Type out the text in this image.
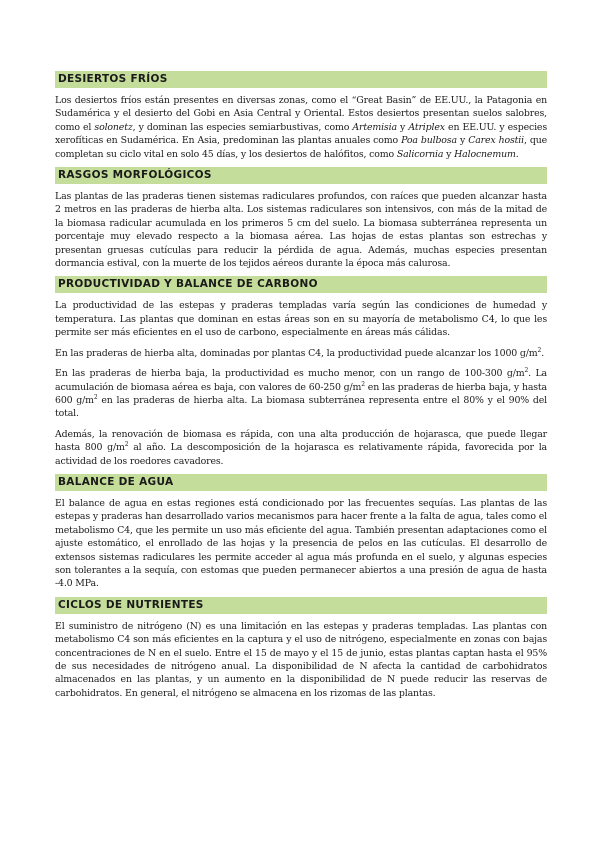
DESIERTOS FRÍOS

Los desiertos fríos están presentes en diversas zonas, como el “Great Basin” de EE.UU., la Patagonia en Sudamérica y el desierto del Gobi en Asia Central y Oriental. Estos desiertos presentan suelos salobres, como el solonetz, y dominan las especies semiarbustivas, como Artemisia y Atriplex en EE.UU. y especies xerofíticas en Sudamérica. En Asia, predominan las plantas anuales como Poa bulbosa y Carex hostii, que completan su ciclo vital en solo 45 días, y los desiertos de halófitos, como Salicornia y Halocnemum.

RASGOS MORFOLÓGICOS

Las plantas de las praderas tienen sistemas radiculares profundos, con raíces que pueden alcanzar hasta 2 metros en las praderas de hierba alta. Los sistemas radiculares son intensivos, con más de la mitad de la biomasa radicular acumulada en los primeros 5 cm del suelo. La biomasa subterránea representa un porcentaje muy elevado respecto a la biomasa aérea. Las hojas de estas plantas son estrechas y presentan gruesas cutículas para reducir la pérdida de agua. Además, muchas especies presentan dormancia estival, con la muerte de los tejidos aéreos durante la época más calurosa.

PRODUCTIVIDAD Y BALANCE DE CARBONO

La productividad de las estepas y praderas templadas varía según las condiciones de humedad y temperatura. Las plantas que dominan en estas áreas son en su mayoría de metabolismo C4, lo que les permite ser más eficientes en el uso de carbono, especialmente en áreas más cálidas.

En las praderas de hierba alta, dominadas por plantas C4, la productividad puede alcanzar los 1000 $g/m^2$.

En las praderas de hierba baja, la productividad es mucho menor, con un rango de 100-300 $g/m^2$. La acumulación de biomasa aérea es baja, con valores de 60-250 $g/m^2$ en las praderas de hierba baja, y hasta 600 $g/m^2$ en las praderas de hierba alta. La biomasa subterránea representa entre el 80% y el 90% del total.

Además, la renovación de biomasa es rápida, con una alta producción de hojarasca, que puede llegar hasta 800 $g/m^2$ al año. La descomposición de la hojarasca es relativamente rápida, favorecida por la actividad de los roedores cavadores.

BALANCE DE AGUA

El balance de agua en estas regiones está condicionado por las frecuentes sequías. Las plantas de las estepas y praderas han desarrollado varios mecanismos para hacer frente a la falta de agua, tales como el metabolismo C4, que les permite un uso más eficiente del agua. También presentan adaptaciones como el ajuste estomático, el enrollado de las hojas y la presencia de pelos en las cutículas. El desarrollo de extensos sistemas radiculares les permite acceder al agua más profunda en el suelo, y algunas especies son tolerantes a la sequía, con estomas que pueden permanecer abiertos a una presión de agua de hasta -4.0 MPa.

CICLOS DE NUTRIENTES

El suministro de nitrógeno (N) es una limitación en las estepas y praderas templadas. Las plantas con metabolismo C4 son más eficientes en la captura y el uso de nitrógeno, especialmente en zonas con bajas concentraciones de N en el suelo. Entre el 15 de mayo y el 15 de junio, estas plantas captan hasta el 95% de sus necesidades de nitrógeno anual. La disponibilidad de N afecta la cantidad de carbohidratos almacenados en las plantas, y un aumento en la disponibilidad de N puede reducir las reservas de carbohidratos. En general, el nitrógeno se almacena en los rizomas de las plantas.
